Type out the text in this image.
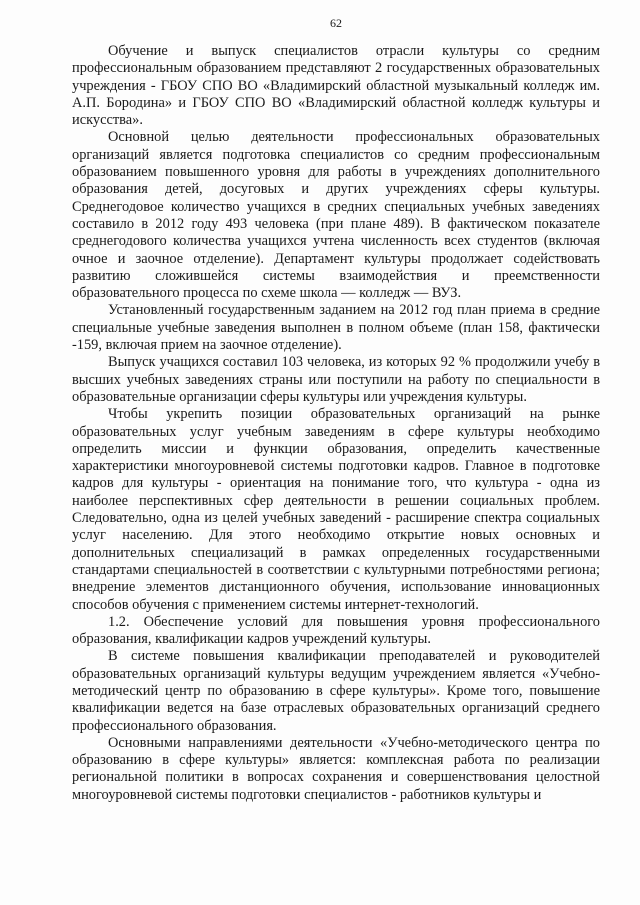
62

Обучение и выпуск специалистов отрасли культуры со средним профессиональным образованием представляют 2 государственных образовательных учреждения - ГБОУ СПО ВО «Владимирский областной музыкальный колледж им. А.П. Бородина» и ГБОУ СПО ВО «Владимирский областной колледж культуры и искусства».

Основной целью деятельности профессиональных образовательных организаций является подготовка специалистов со средним профессиональным образованием повышенного уровня для работы в учреждениях дополнительного образования детей, досуговых и других учреждениях сферы культуры. Среднегодовое количество учащихся в средних специальных учебных заведениях составило в 2012 году 493 человека (при плане 489). В фактическом показателе среднегодового количества учащихся учтена численность всех студентов (включая очное и заочное отделение). Департамент культуры продолжает содействовать развитию сложившейся системы взаимодействия и преемственности образовательного процесса по схеме школа — колледж — ВУЗ.

Установленный государственным заданием на 2012 год план приема в средние специальные учебные заведения выполнен в полном объеме (план 158, фактически -159, включая прием на заочное отделение).

Выпуск учащихся составил 103 человека, из которых 92 % продолжили учебу в высших учебных заведениях страны или поступили на работу по специальности в образовательные организации сферы культуры или учреждения культуры.

Чтобы укрепить позиции образовательных организаций на рынке образовательных услуг учебным заведениям в сфере культуры необходимо определить миссии и функции образования, определить качественные характеристики многоуровневой системы подготовки кадров. Главное в подготовке кадров для культуры - ориентация на понимание того, что культура - одна из наиболее перспективных сфер деятельности в решении социальных проблем. Следовательно, одна из целей учебных заведений - расширение спектра социальных услуг населению. Для этого необходимо открытие новых основных и дополнительных специализаций в рамках определенных государственными стандартами специальностей в соответствии с культурными потребностями региона; внедрение элементов дистанционного обучения, использование инновационных способов обучения с применением системы интернет-технологий.

1.2. Обеспечение условий для повышения уровня профессионального образования, квалификации кадров учреждений культуры.

В системе повышения квалификации преподавателей и руководителей образовательных организаций культуры ведущим учреждением является «Учебно-методический центр по образованию в сфере культуры». Кроме того, повышение квалификации ведется на базе отраслевых образовательных организаций среднего профессионального образования.

Основными направлениями деятельности «Учебно-методического центра по образованию в сфере культуры» является: комплексная работа по реализации региональной политики в вопросах сохранения и совершенствования целостной многоуровневой системы подготовки специалистов - работников культуры и
